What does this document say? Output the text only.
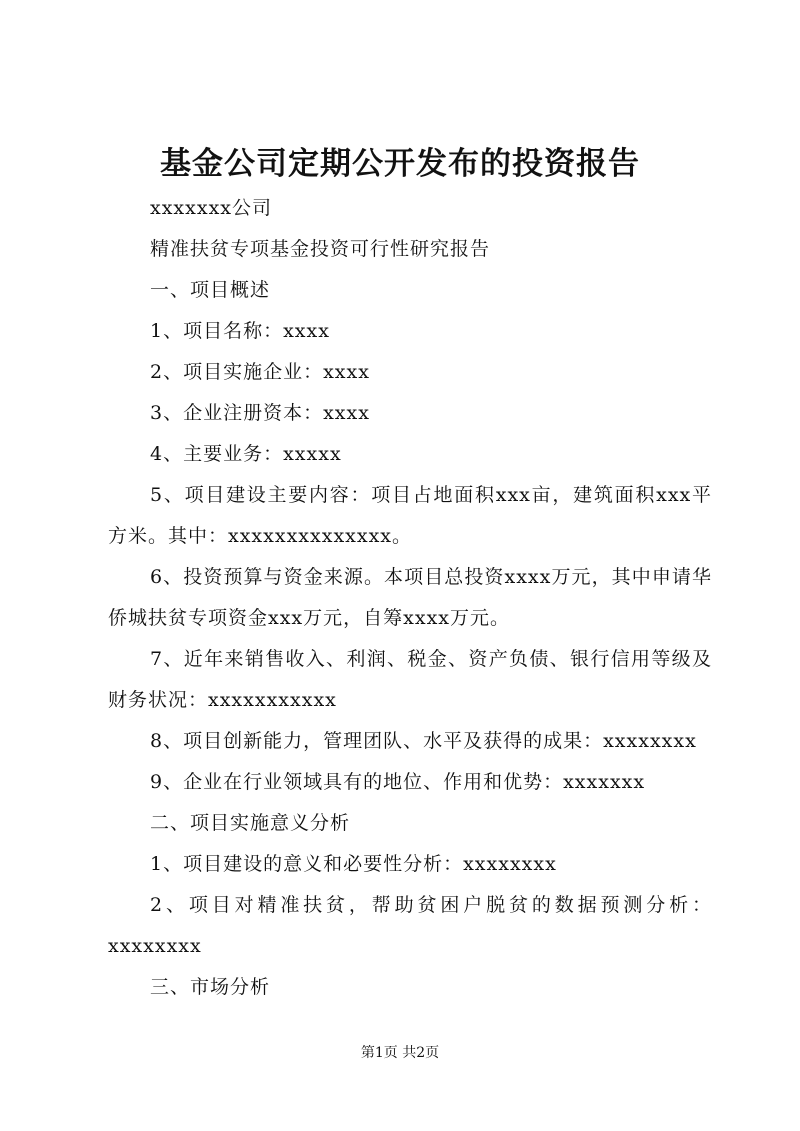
基金公司定期公开发布的投资报告

xxxxxxx公司

精准扶贫专项基金投资可行性研究报告

一、项目概述

1、项目名称：xxxx

2、项目实施企业：xxxx

3、企业注册资本：xxxx

4、主要业务：xxxxx

5、项目建设主要内容：项目占地面积xxx亩，建筑面积xxx平方米。其中：xxxxxxxxxxxxxx。

6、投资预算与资金来源。本项目总投资xxxx万元，其中申请华侨城扶贫专项资金xxx万元，自筹xxxx万元。

7、近年来销售收入、利润、税金、资产负债、银行信用等级及财务状况：xxxxxxxxxxx

8、项目创新能力，管理团队、水平及获得的成果：xxxxxxxx

9、企业在行业领域具有的地位、作用和优势：xxxxxxx

二、项目实施意义分析

1、项目建设的意义和必要性分析：xxxxxxxx

2、项目对精准扶贫，帮助贫困户脱贫的数据预测分析：xxxxxxxx

三、市场分析

第1页 共2页
